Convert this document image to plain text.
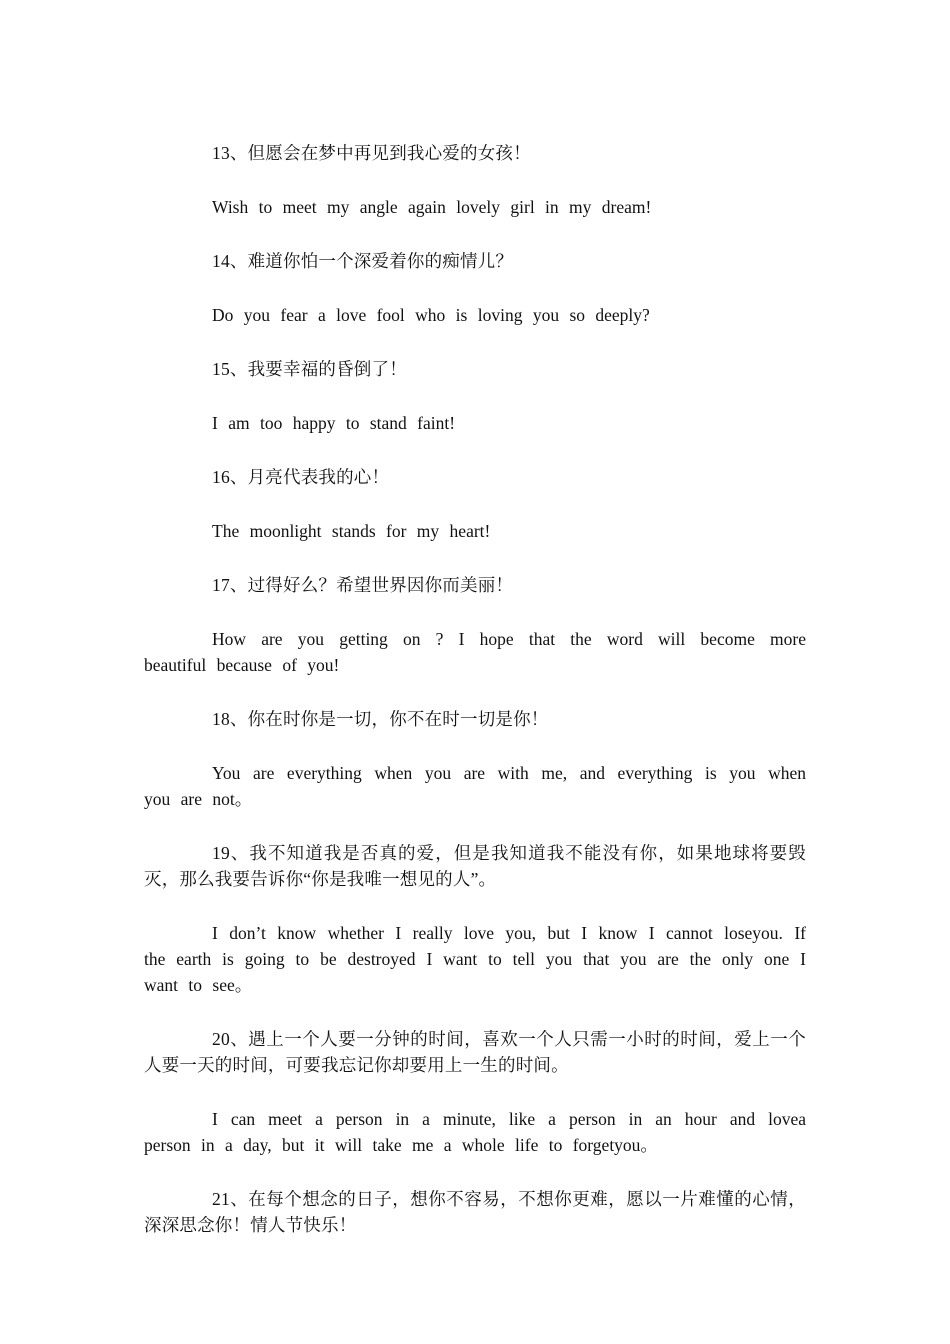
13、但愿会在梦中再见到我心爱的女孩！

Wish to meet my angle again lovely girl in my dream!

14、难道你怕一个深爱着你的痴情儿？

Do you fear a love fool who is loving you so deeply?

15、我要幸福的昏倒了！

I am too happy to stand faint!

16、月亮代表我的心！

The moonlight stands for my heart!

17、过得好么？希望世界因你而美丽！

How are you getting on ? I hope that the word will become more beautiful because of you!

18、你在时你是一切，你不在时一切是你！

You are everything when you are with me, and everything is you when you are not。

19、我不知道我是否真的爱，但是我知道我不能没有你，如果地球将要毁灭，那么我要告诉你“你是我唯一想见的人”。

I don’t know whether I really love you, but I know I cannot loseyou. If the earth is going to be destroyed I want to tell you that you are the only one I want to see。

20、遇上一个人要一分钟的时间，喜欢一个人只需一小时的时间，爱上一个人要一天的时间，可要我忘记你却要用上一生的时间。

I can meet a person in a minute, like a person in an hour and lovea person in a day, but it will take me a whole life to forgetyou。

21、在每个想念的日子，想你不容易，不想你更难，愿以一片难懂的心情，深深思念你！情人节快乐！
